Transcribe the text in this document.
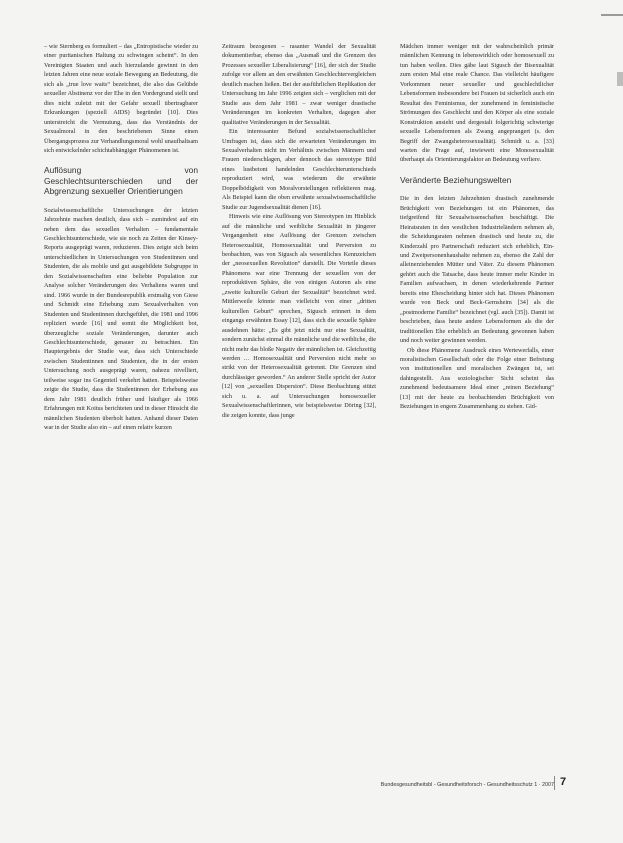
– wie Sternberg es formuliert – das „Entropistische wieder zu einer puritanischen Haltung zu schwingen scheint“. In den Vereinigten Staaten und auch hierzulande gewinnt in den letzten Jahren eine neue soziale Bewegung an Bedeutung, die sich als „true love waits“ bezeichnet, die also das Gelübde sexueller Abstinenz vor der Ehe in den Vordergrund stellt und dies nicht zuletzt mit der Gefahr sexuell übertragbarer Erkrankungen (speziell AIDS) begründet [10]. Dies unterstreicht die Vermutung, dass das Verständnis der Sexualmoral in den beschriebenen Sinne einen Übergangsprozess zur Verhandlungsmoral wohl unaufhaltsam sich entwickelnder schichtabhängiger Phänomenen ist.

Auflösung von Geschlechtsunterschieden und der Abgrenzung sexueller Orientierungen

Sozialwissenschaftliche Untersuchungen der letzten Jahrzehnte machen deutlich, dass sich – zumindest auf ein neben dem das sexuellen Verhalten – fundamentale Geschlechtsunterschiede, wie sie noch zu Zeiten der Kinsey-Reports ausgeprägt waren, reduzieren. Dies zeigte sich beim unterschiedlichen in Untersuchungen von Studentinnen und Studenten, die als mobile und gut ausgebildete Subgruppe in den Sozialwissenschaften eine beliebte Population zur Analyse solcher Veränderungen des Verhaltens waren und sind. 1966 wurde in der Bundesrepublik erstmalig von Giese und Schmidt eine Erhebung zum Sexualverhalten von Studenten und Studentinnen durchgeführt, die 1981 und 1996 repliziert wurde [16] und somit die Möglichkeit bot, überzeugliche soziale Veränderungen, darunter auch Geschlechtsunterschiede, genauer zu betrachten. Ein Hauptergebnis der Studie war, dass sich Unterschiede zwischen Studentinnen und Studenten, die in der ersten Untersuchung noch ausgeprägt waren, nahezu nivelliert, teilweise sogar ins Gegenteil verkehrt hatten. Beispielsweise zeigte die Studie, dass die Studentinnen der Erhebung aus dem Jahr 1981 deutlich früher und häufiger als 1966 Erfahrungen mit Koitus berichteten und in dieser Hinsicht die männlichen Studenten überholt hatten. Anhand dieser Daten war in der Studie also ein – auf einen relativ kurzen

Zeitraum bezogenen – rasanter Wandel der Sexualität dokumentierbar, ebenso das „Ausmaß und die Grenzen des Prozesses sexueller Liberalisierung“ [16], der sich der Studie zufolge vor allem an den erwähnten Geschlechtervergleichen deutlich machen ließen. Bei der ausführlichen Replikation der Untersuchung im Jahr 1996 zeigten sich – verglichen mit der Studie aus dem Jahr 1981 – zwar weniger drastische Veränderungen im konkreten Verhalten, dagegen aber qualitative Veränderungen in der Sexualität.

Ein interessanter Befund sozialwissenschaftlicher Umfragen ist, dass sich die erwarteten Veränderungen im Sexualverhalten nicht im Verhältnis zwischen Männern und Frauen niederschlagen, aber dennoch das stereotype Bild eines lustbetont handelnden Geschlechterunterschieds reproduziert wird, was wiederum die erwähnte Doppelbödigkeit von Moralvorstellungen reflektieren mag. Als Beispiel kann die oben erwähnte sexualwissenschaftliche Studie zur Jugendsexualität dienen [16].

Hinweis wie eine Auflösung von Stereotypen im Hinblick auf die männliche und weibliche Sexualität in jüngerer Vergangenheit eine Auflösung der Grenzen zwischen Heterosexualität, Homosexualität und Perversion zu beobachten, was von Sigusch als wesentliches Kennzeichen der „neosexuellen Revolution“ darstellt. Die Vorteile dieses Phänomens war eine Trennung der sexuellen von der reproduktiven Sphäre, die von einigen Autoren als eine „zweite kulturelle Geburt der Sexualität“ bezeichnet wird. Mittlerweile könnte man vielleicht von einer „dritten kulturellen Geburt“ sprechen, Sigusch erinnert in dem eingangs erwähnten Essay [12], dass sich die sexuelle Sphäre ausdehnen hätte: „Es gibt jetzt nicht nur eine Sexualität, sondern zunächst einmal die männliche und die weibliche, die nicht mehr das bloße Negativ der männlichen ist. Gleichzeitig werden … Homosexualität und Perversion nicht mehr so strikt von der Heterosexualität getrennt. Die Grenzen sind durchlässiger geworden.“ An anderer Stelle spricht der Autor [12] von „sexuellen Dispersion“. Diese Beobachtung stützt sich u. a. auf Untersuchungen homosexueller Sexualwissenschaftlerinnen, wie beispielsweise Döring [32], die zeigen konnte, dass junge

Mädchen immer weniger mit der wahrscheinlich primär männlichen Kennung in lebenswirklich oder homosexuell zu tun haben wollen. Dies gäbe laut Sigusch der Bisexualität zum ersten Mal eine reale Chance. Das vielleicht häufigere Vorkommen neuer sexueller und geschlechtlicher Lebensformen insbesondere bei Frauen ist sicherlich auch ein Resultat des Feminismus, der zunehmend in feministische Strömungen des Geschlecht und den Körper als eine soziale Konstruktion ansieht und dergestalt folgerichtig schwierige sexuelle Lebensformen als Zwang angeprangert (s. den Begriff der Zwangsheterosexualität). Schmidt u. a. [33] warten die Frage auf, inwieweit eine Monosexualität überhaupt als Orientierungsfaktor an Bedeutung verliere.

Veränderte Beziehungswelten

Die in den letzten Jahrzehnten drastisch zunehmende Brüchigkeit von Beziehungen ist ein Phänomen, das tiefgreifend für Sexualwissenschaften beschäftigt. Die Heiratsraten in den westlichen Industrieländern nehmen ab, die Scheidungsraten nehmen drastisch und heute zu, die Kinderzahl pro Partnerschaft reduziert sich erheblich, Ein- und Zweipersonenhaushalte nehmen zu, ebenso die Zahl der alleinerziehenden Mütter und Väter. Zu diesem Phänomen gehört auch die Tatsache, dass heute immer mehr Kinder in Familien aufwachsen, in denen wiederkehrende Partner bereits eine Ehescheidung hinter sich hat. Dieses Phänomen wurde von Beck und Beck-Gernsheim [34] als die „postmoderne Familie“ bezeichnet (vgl. auch [35]). Damit ist beschrieben, dass heute andere Lebensformen als die der traditionellen Ehe erheblich an Bedeutung gewonnen haben und noch weiter gewinnen werden.

Ob diese Phänomene Ausdruck eines Wertewerfalls, einer moralistischen Gesellschaft oder die Folge einer Befreiung von institutionellen und moralischen Zwängen ist, sei dahingestellt. Aus soziologischer Sicht scheint das zunehmend bedeutsamere Ideal einer „reinen Beziehung“ [13] mit der heute zu beobachtenden Brüchigkeit von Beziehungen in engem Zusammenhang zu stehen. Gid-

Bundesgesundheitsbl - Gesundheitsforsch - Gesundheitsschutz 1 · 2007 7
